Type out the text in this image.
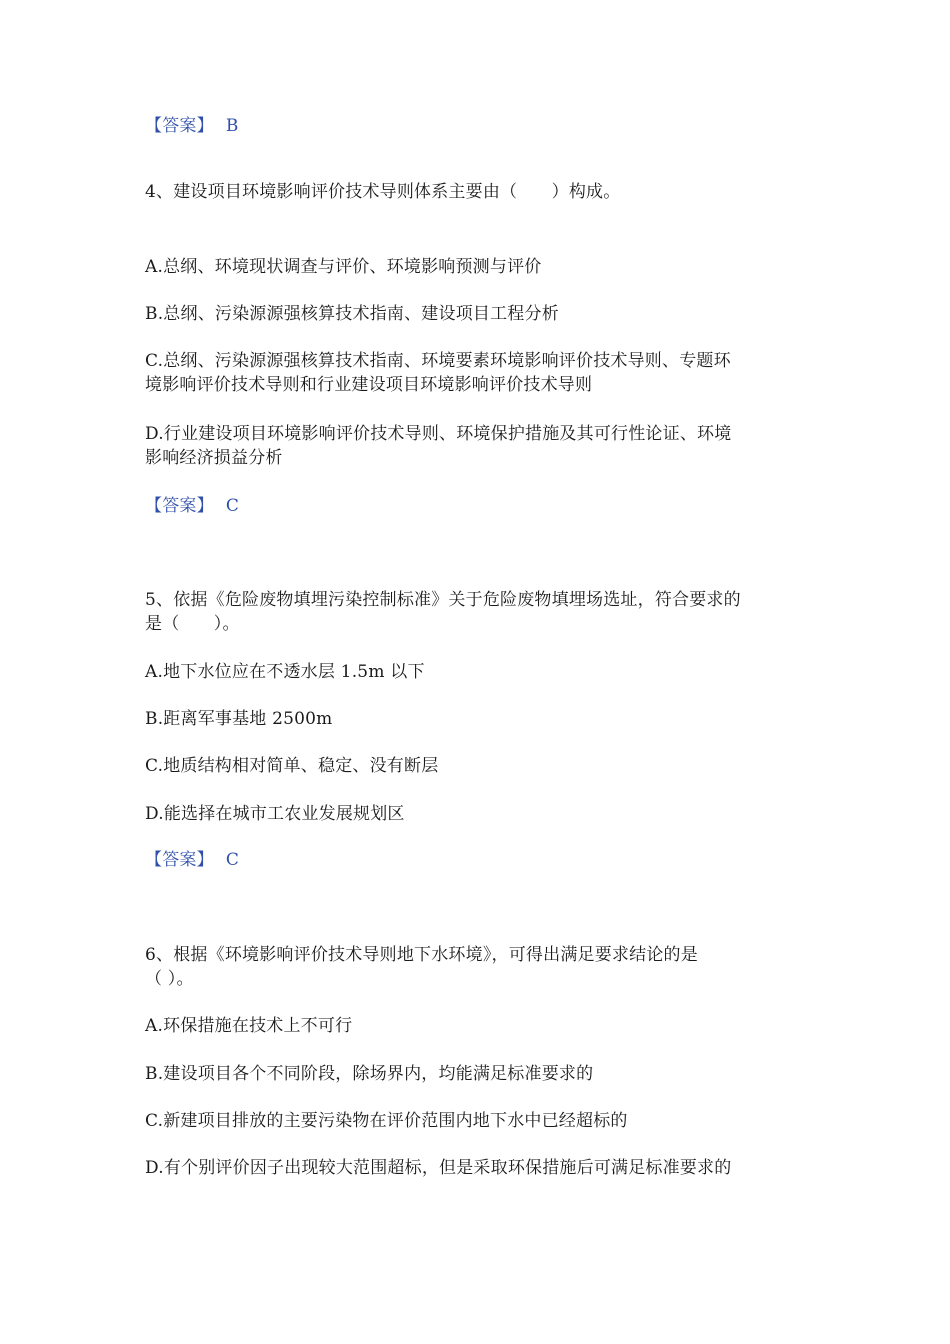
【答案】 B
4、建设项目环境影响评价技术导则体系主要由（　　）构成。
A.总纲、环境现状调查与评价、环境影响预测与评价
B.总纲、污染源源强核算技术指南、建设项目工程分析
C.总纲、污染源源强核算技术指南、环境要素环境影响评价技术导则、专题环
境影响评价技术导则和行业建设项目环境影响评价技术导则
D.行业建设项目环境影响评价技术导则、环境保护措施及其可行性论证、环境
影响经济损益分析
【答案】 C
5、依据《危险废物填埋污染控制标准》关于危险废物填埋场选址，符合要求的
是（　　）。
A.地下水位应在不透水层 1.5m 以下
B.距离军事基地 2500m
C.地质结构相对简单、稳定、没有断层
D.能选择在城市工农业发展规划区
【答案】 C
6、根据《环境影响评价技术导则地下水环境》，可得出满足要求结论的是
（ ）。
A.环保措施在技术上不可行
B.建设项目各个不同阶段，除场界内，均能满足标准要求的
C.新建项目排放的主要污染物在评价范围内地下水中已经超标的
D.有个别评价因子出现较大范围超标，但是采取环保措施后可满足标准要求的
